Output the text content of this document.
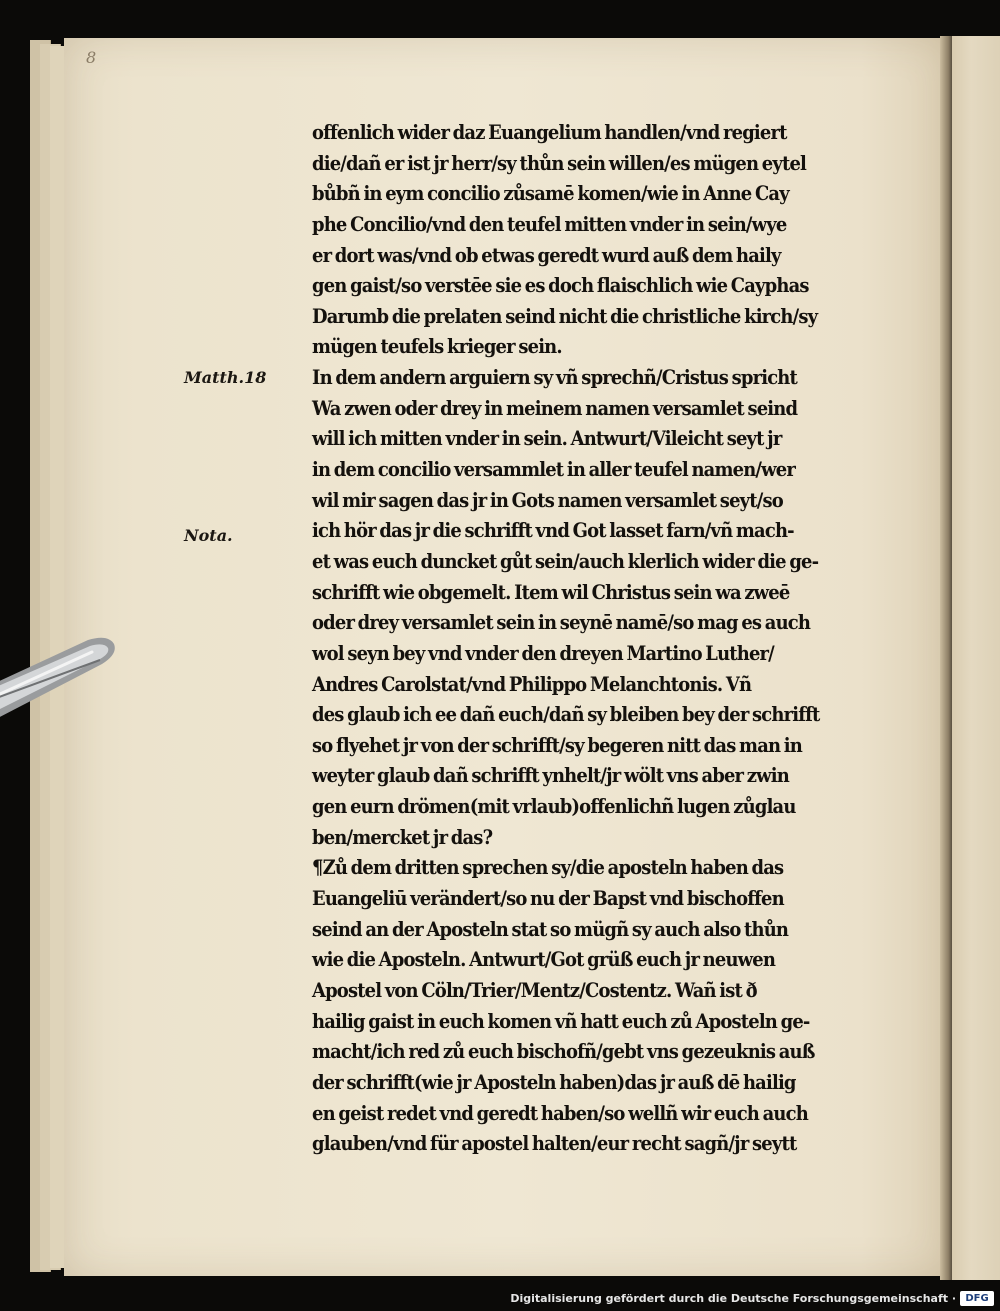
8
Matth.18
Nota.
offenlich wider daz Euangelium handlen/vnd regiert
die/dañ er ist jr herr/sy thůn sein willen/es mügen eytel
bůbñ in eym concilio zůsamē komen/wie in Anne Cay
phe Concilio/vnd den teufel mitten vnder in sein/wye
er dort was/vnd ob etwas geredt wurd auß dem haily
gen gaist/so verstēe sie es doch flaischlich wie Cayphas
Darumb die prelaten seind nicht die christliche kirch/sy
mügen teufels krieger sein.
In dem andern arguiern sy vñ sprechñ/Cristus spricht
Wa zwen oder drey in meinem namen versamlet seind
will ich mitten vnder in sein. Antwurt/Vileicht seyt jr
in dem concilio versammlet in aller teufel namen/wer
wil mir sagen das jr in Gots namen versamlet seyt/so
ich hör das jr die schrifft vnd Got lasset farn/vñ mach-
et was euch duncket gůt sein/auch klerlich wider die ge-
schrifft wie obgemelt. Item wil Christus sein wa zweē
oder drey versamlet sein in seynē namē/so mag es auch
wol seyn bey vnd vnder den dreyen Martino Luther/
Andres Carolstat/vnd Philippo Melanchtonis. Vñ
des glaub ich ee dañ euch/dañ sy bleiben bey der schrifft
so flyehet jr von der schrifft/sy begeren nitt das man in
weyter glaub dañ schrifft ynhelt/jr wölt vns aber zwin
gen eurn drömen(mit vrlaub)offenlichñ lugen zůglau
ben/mercket jr das?
¶Zů dem dritten sprechen sy/die aposteln haben das
Euangeliū verändert/so nu der Bapst vnd bischoffen
seind an der Aposteln stat so mügñ sy auch also thůn
wie die Aposteln. Antwurt/Got grüß euch jr neuwen
Apostel von Cöln/Trier/Mentz/Costentz. Wañ ist ð
hailig gaist in euch komen vñ hatt euch zů Aposteln ge-
macht/ich red zů euch bischofñ/gebt vns gezeuknis auß
der schrifft(wie jr Aposteln haben)das jr auß dē hailig
en geist redet vnd geredt haben/so wellñ wir euch auch
glauben/vnd für apostel halten/eur recht sagñ/jr seytt
Digitalisierung gefördert durch die Deutsche Forschungsgemeinschaft · DFG
